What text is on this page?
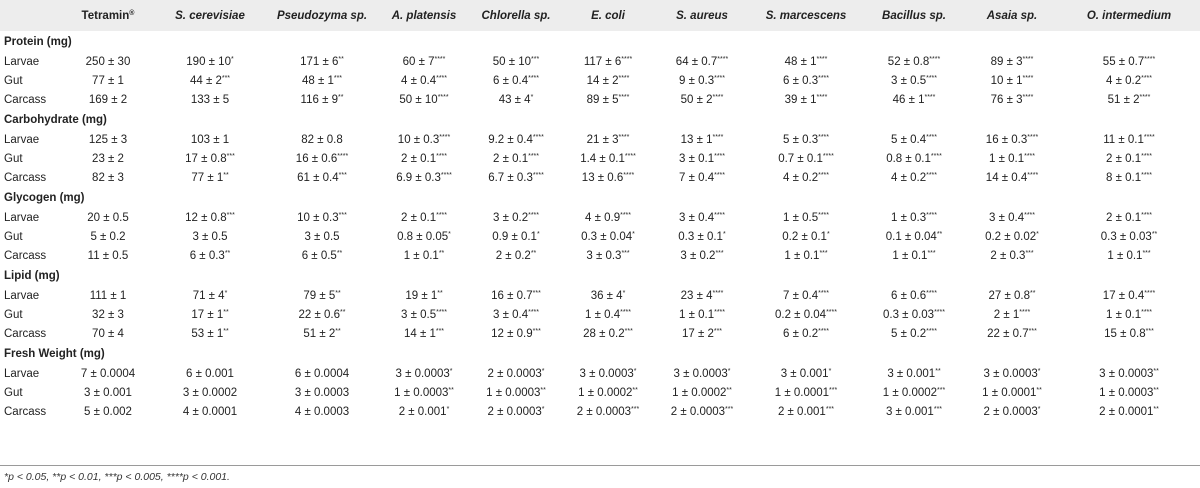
	Tetramin®	S. cerevisiae	Pseudozyma sp.	A. platensis	Chlorella sp.	E. coli	S. aureus	S. marcescens	Bacillus sp.	Asaia sp.	O. intermedium
Protein (mg)											
Larvae	250 ± 30	190 ± 10*	171 ± 6**	60 ± 7****	50 ± 10***	117 ± 6****	64 ± 0.7****	48 ± 1****	52 ± 0.8****	89 ± 3****	55 ± 0.7****
Gut	77 ± 1	44 ± 2***	48 ± 1***	4 ± 0.4****	6 ± 0.4****	14 ± 2****	9 ± 0.3****	6 ± 0.3****	3 ± 0.5****	10 ± 1****	4 ± 0.2****
Carcass	169 ± 2	133 ± 5	116 ± 9**	50 ± 10****	43 ± 4*	89 ± 5****	50 ± 2****	39 ± 1****	46 ± 1****	76 ± 3****	51 ± 2****
Carbohydrate (mg)											
Larvae	125 ± 3	103 ± 1	82 ± 0.8	10 ± 0.3****	9.2 ± 0.4****	21 ± 3****	13 ± 1****	5 ± 0.3****	5 ± 0.4****	16 ± 0.3****	11 ± 0.1****
Gut	23 ± 2	17 ± 0.8***	16 ± 0.6****	2 ± 0.1****	2 ± 0.1****	1.4 ± 0.1****	3 ± 0.1****	0.7 ± 0.1****	0.8 ± 0.1****	1 ± 0.1****	2 ± 0.1****
Carcass	82 ± 3	77 ± 1**	61 ± 0.4***	6.9 ± 0.3****	6.7 ± 0.3****	13 ± 0.6****	7 ± 0.4****	4 ± 0.2****	4 ± 0.2****	14 ± 0.4****	8 ± 0.1****
Glycogen (mg)											
Larvae	20 ± 0.5	12 ± 0.8***	10 ± 0.3***	2 ± 0.1****	3 ± 0.2****	4 ± 0.9****	3 ± 0.4****	1 ± 0.5****	1 ± 0.3****	3 ± 0.4****	2 ± 0.1****
Gut	5 ± 0.2	3 ± 0.5	3 ± 0.5	0.8 ± 0.05*	0.9 ± 0.1*	0.3 ± 0.04*	0.3 ± 0.1*	0.2 ± 0.1*	0.1 ± 0.04**	0.2 ± 0.02*	0.3 ± 0.03**
Carcass	11 ± 0.5	6 ± 0.3**	6 ± 0.5**	1 ± 0.1**	2 ± 0.2**	3 ± 0.3***	3 ± 0.2***	1 ± 0.1***	1 ± 0.1***	2 ± 0.3***	1 ± 0.1***
Lipid (mg)											
Larvae	111 ± 1	71 ± 4*	79 ± 5**	19 ± 1**	16 ± 0.7***	36 ± 4*	23 ± 4****	7 ± 0.4****	6 ± 0.6****	27 ± 0.8**	17 ± 0.4****
Gut	32 ± 3	17 ± 1**	22 ± 0.6**	3 ± 0.5****	3 ± 0.4****	1 ± 0.4****	1 ± 0.1****	0.2 ± 0.04****	0.3 ± 0.03****	2 ± 1****	1 ± 0.1****
Carcass	70 ± 4	53 ± 1**	51 ± 2**	14 ± 1***	12 ± 0.9***	28 ± 0.2***	17 ± 2***	6 ± 0.2****	5 ± 0.2****	22 ± 0.7***	15 ± 0.8***
Fresh Weight (mg)											
Larvae	7 ± 0.0004	6 ± 0.001	6 ± 0.0004	3 ± 0.0003*	2 ± 0.0003*	3 ± 0.0003*	3 ± 0.0003*	3 ± 0.001*	3 ± 0.001**	3 ± 0.0003*	3 ± 0.0003**
Gut	3 ± 0.001	3 ± 0.0002	3 ± 0.0003	1 ± 0.0003**	1 ± 0.0003**	1 ± 0.0002**	1 ± 0.0002**	1 ± 0.0001***	1 ± 0.0002***	1 ± 0.0001**	1 ± 0.0003**
Carcass	5 ± 0.002	4 ± 0.0001	4 ± 0.0003	2 ± 0.001*	2 ± 0.0003*	2 ± 0.0003***	2 ± 0.0003***	2 ± 0.001***	3 ± 0.001***	2 ± 0.0003*	2 ± 0.0001**
*p < 0.05, **p < 0.01, ***p < 0.005, ****p < 0.001.
